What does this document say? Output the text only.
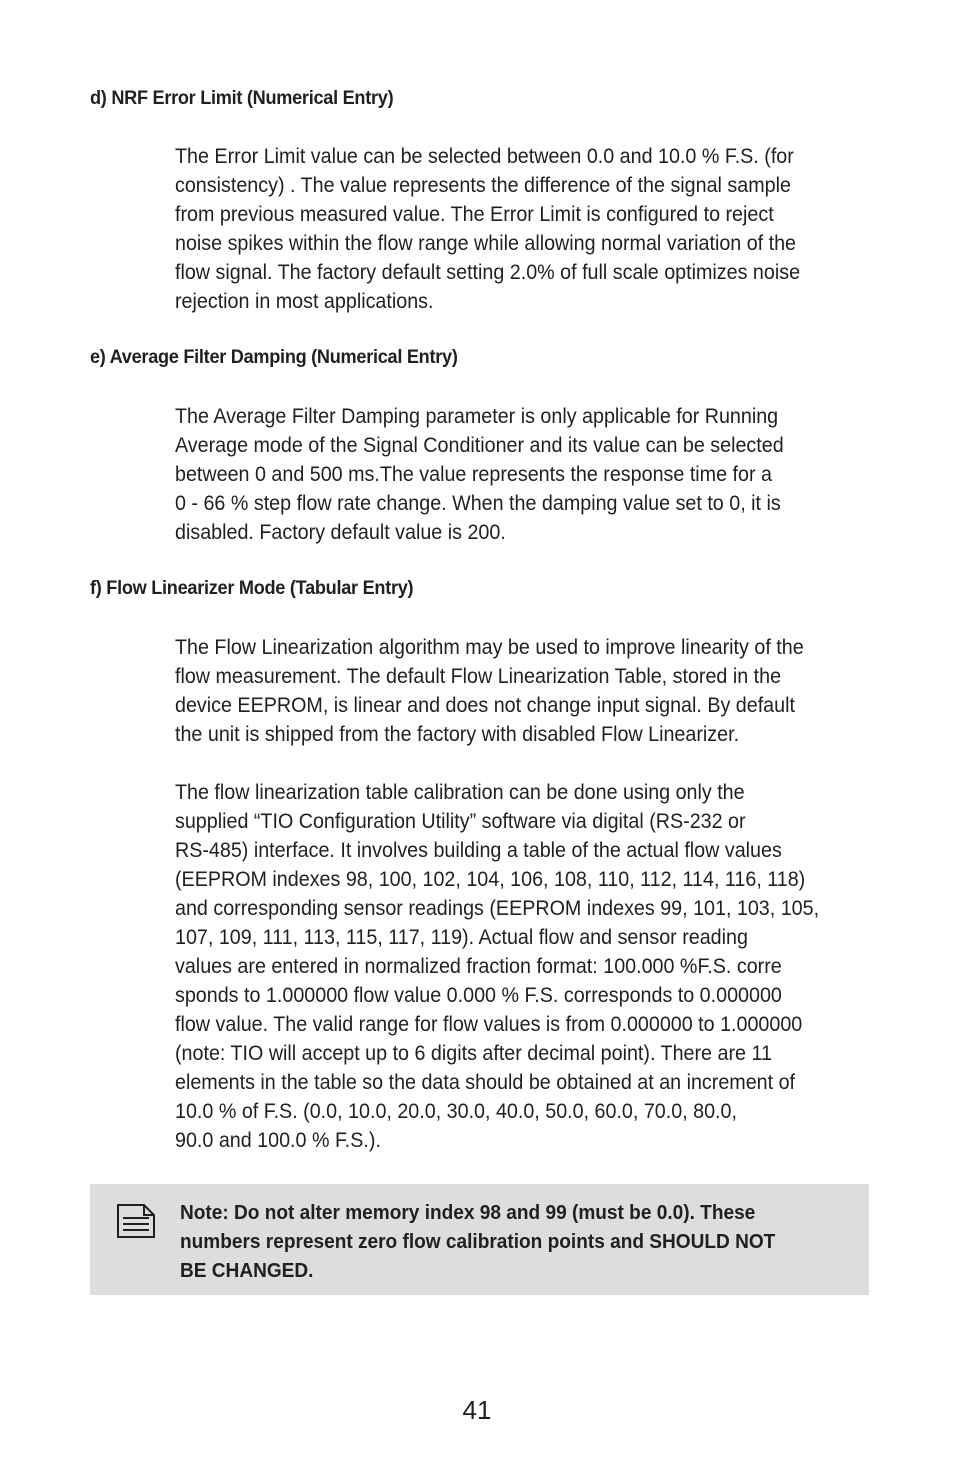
d) NRF Error Limit (Numerical Entry)
The Error Limit value can be selected between 0.0 and 10.0 % F.S. (for
consistency) . The value represents the difference of the signal sample
from previous measured value. The Error Limit is configured to reject
noise spikes within the flow range while allowing normal variation of the
flow signal. The factory default setting 2.0% of full scale optimizes noise
rejection in most applications.
e) Average Filter Damping (Numerical Entry)
The Average Filter Damping parameter is only applicable for Running
Average mode of the Signal Conditioner and its value can be selected
between 0 and 500 ms.The value represents the response time for a
0 - 66 % step flow rate change. When the damping value set to 0, it is
disabled. Factory default value is 200.
f) Flow Linearizer Mode (Tabular Entry)
The Flow Linearization algorithm may be used to improve linearity of the
flow measurement. The default Flow Linearization Table, stored in the
device EEPROM, is linear and does not change input signal. By default
the unit is shipped from the factory with disabled Flow Linearizer.
The flow linearization table calibration can be done using only the
supplied “TIO Configuration Utility” software via digital (RS-232 or
RS-485) interface. It involves building a table of the actual flow values
(EEPROM indexes 98, 100, 102, 104, 106, 108, 110, 112, 114, 116, 118)
and corresponding sensor readings (EEPROM indexes 99, 101, 103, 105,
107, 109, 111, 113, 115, 117, 119). Actual flow and sensor reading
values are entered in normalized fraction format: 100.000 %F.S. corre
sponds to 1.000000 flow value 0.000 % F.S. corresponds to 0.000000
flow value. The valid range for flow values is from 0.000000 to 1.000000
(note: TIO will accept up to 6 digits after decimal point). There are 11
elements in the table so the data should be obtained at an increment of
10.0 % of F.S. (0.0, 10.0, 20.0, 30.0, 40.0, 50.0, 60.0, 70.0, 80.0,
90.0 and 100.0 % F.S.).
Note: Do not alter memory index 98 and 99 (must be 0.0). These
numbers represent zero flow calibration points and SHOULD NOT
BE CHANGED.
41
